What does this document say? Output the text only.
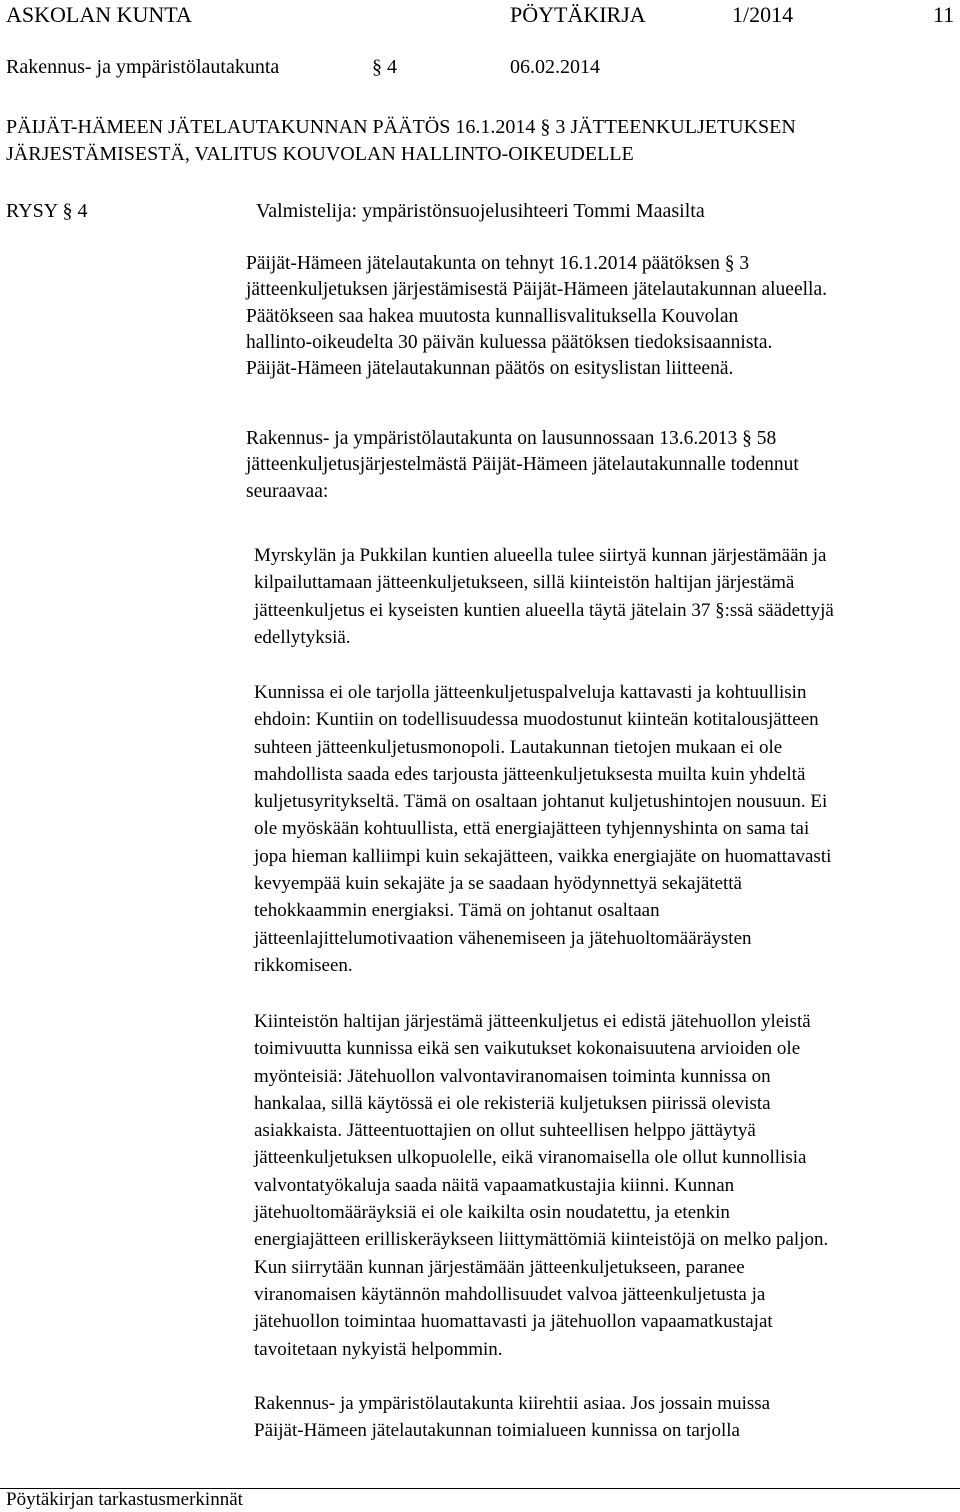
ASKOLAN KUNTA	PÖYTÄKIRJA	1/2014	11
Rakennus- ja ympäristölautakunta	§ 4	06.02.2014
PÄIJÄT-HÄMEEN JÄTELAUTAKUNNAN PÄÄTÖS 16.1.2014 § 3 JÄTTEENKULJETUKSEN
JÄRJESTÄMISESTÄ, VALITUS KOUVOLAN HALLINTO-OIKEUDELLE
RYSY § 4	Valmistelija: ympäristönsuojelusihteeri Tommi Maasilta
Päijät-Hämeen jätelautakunta on tehnyt 16.1.2014 päätöksen § 3
jätteenkuljetuksen järjestämisestä Päijät-Hämeen jätelautakunnan alueella.
Päätökseen saa hakea muutosta kunnallisvalituksella Kouvolan
hallinto-oikeudelta 30 päivän kuluessa päätöksen tiedoksisaannista.
Päijät-Hämeen jätelautakunnan päätös on esityslistan liitteenä.
Rakennus- ja ympäristölautakunta on lausunnossaan 13.6.2013 § 58
jätteenkuljetusjärjestelmästä Päijät-Hämeen jätelautakunnalle todennut
seuraavaa:
Myrskylän ja Pukkilan kuntien alueella tulee siirtyä kunnan järjestämään ja
kilpailuttamaan jätteenkuljetukseen, sillä kiinteistön haltijan järjestämä
jätteenkuljetus ei kyseisten kuntien alueella täytä jätelain 37 §:ssä säädettyjä
edellytyksiä.
Kunnissa ei ole tarjolla jätteenkuljetuspalveluja kattavasti ja kohtuullisin
ehdoin: Kuntiin on todellisuudessa muodostunut kiinteän kotitalousjätteen
suhteen jätteenkuljetusmonopoli. Lautakunnan tietojen mukaan ei ole
mahdollista saada edes tarjousta jätteenkuljetuksesta muilta kuin yhdeltä
kuljetusyritykseltä. Tämä on osaltaan johtanut kuljetushintojen nousuun. Ei
ole myöskään kohtuullista, että energiajätteen tyhjennyshinta on sama tai
jopa hieman kalliimpi kuin sekajätteen, vaikka energiajäte on huomattavasti
kevyempää kuin sekajäte ja se saadaan hyödynnettyä sekajätettä
tehokkaammin energiaksi. Tämä on johtanut osaltaan
jätteenlajittelumotivaation vähenemiseen ja jätehuoltomääräysten
rikkomiseen.
Kiinteistön haltijan järjestämä jätteenkuljetus ei edistä jätehuollon yleistä
toimivuutta kunnissa eikä sen vaikutukset kokonaisuutena arvioiden ole
myönteisiä: Jätehuollon valvontaviranomaisen toiminta kunnissa on
hankalaa, sillä käytössä ei ole rekisteriä kuljetuksen piirissä olevista
asiakkaista. Jätteentuottajien on ollut suhteellisen helppo jättäytyä
jätteenkuljetuksen ulkopuolelle, eikä viranomaisella ole ollut kunnollisia
valvontatyökaluja saada näitä vapaamatkustajia kiinni. Kunnan
jätehuoltomääräyksiä ei ole kaikilta osin noudatettu, ja etenkin
energiajätteen erilliskeräykseen liittymättömiä kiinteistöjä on melko paljon.
Kun siirrytään kunnan järjestämään jätteenkuljetukseen, paranee
viranomaisen käytännön mahdollisuudet valvoa jätteenkuljetusta ja
jätehuollon toimintaa huomattavasti ja jätehuollon vapaamatkustajat
tavoitetaan nykyistä helpommin.
Rakennus- ja ympäristölautakunta kiirehtii asiaa. Jos jossain muissa
Päijät-Hämeen jätelautakunnan toimialueen kunnissa on tarjolla
Pöytäkirjan tarkastusmerkinnät
